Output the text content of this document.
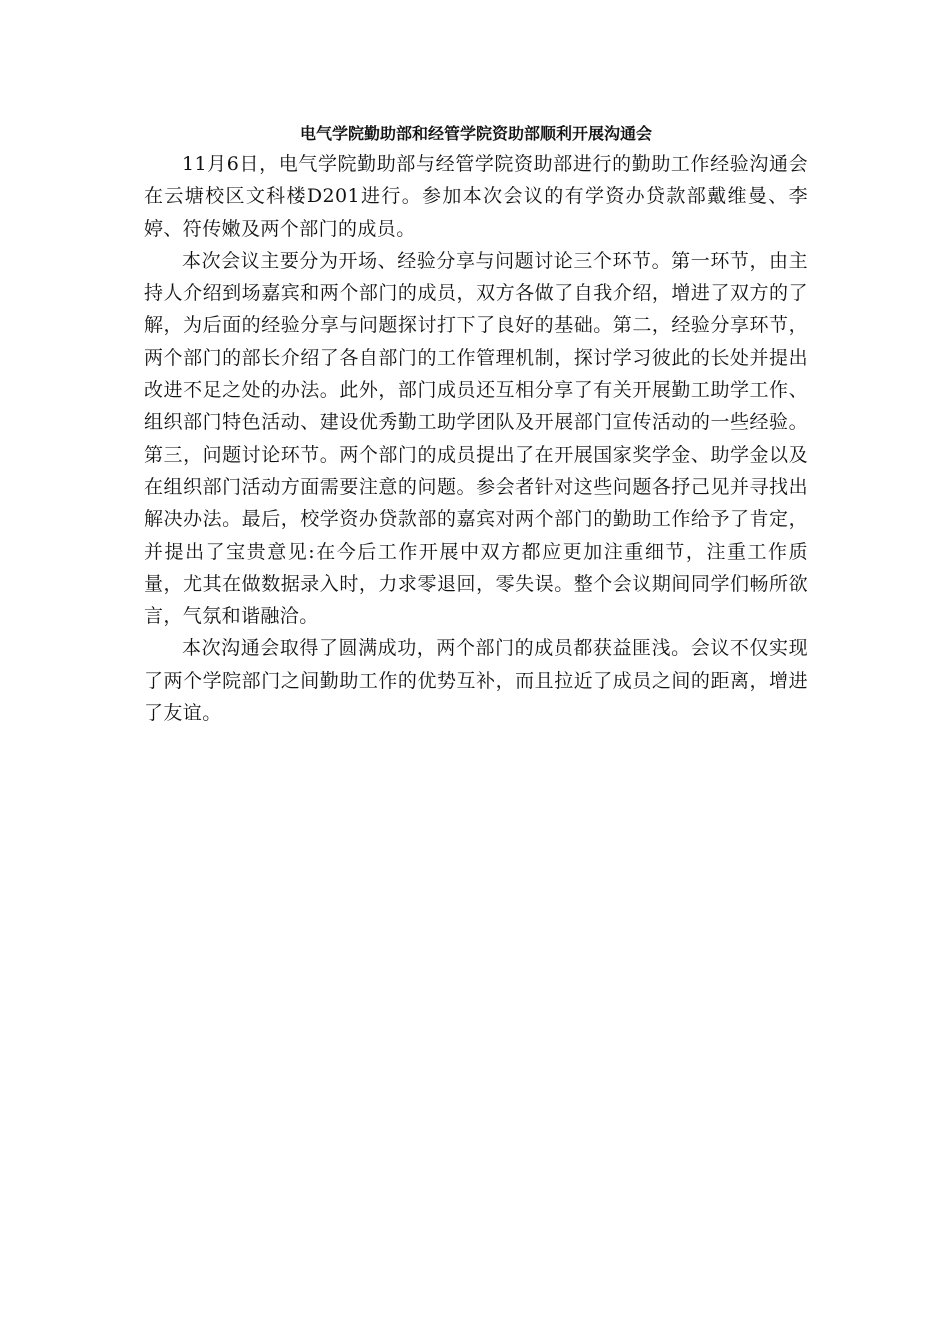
电气学院勤助部和经管学院资助部顺利开展沟通会

11月6日，电气学院勤助部与经管学院资助部进行的勤助工作经验沟通会在云塘校区文科楼D201进行。参加本次会议的有学资办贷款部戴维曼、李婷、符传嫩及两个部门的成员。

本次会议主要分为开场、经验分享与问题讨论三个环节。第一环节，由主持人介绍到场嘉宾和两个部门的成员，双方各做了自我介绍，增进了双方的了解，为后面的经验分享与问题探讨打下了良好的基础。第二，经验分享环节，两个部门的部长介绍了各自部门的工作管理机制，探讨学习彼此的长处并提出改进不足之处的办法。此外，部门成员还互相分享了有关开展勤工助学工作、组织部门特色活动、建设优秀勤工助学团队及开展部门宣传活动的一些经验。第三，问题讨论环节。两个部门的成员提出了在开展国家奖学金、助学金以及在组织部门活动方面需要注意的问题。参会者针对这些问题各抒己见并寻找出解决办法。最后，校学资办贷款部的嘉宾对两个部门的勤助工作给予了肯定，并提出了宝贵意见:在今后工作开展中双方都应更加注重细节，注重工作质量，尤其在做数据录入时，力求零退回，零失误。整个会议期间同学们畅所欲言，气氛和谐融洽。

本次沟通会取得了圆满成功，两个部门的成员都获益匪浅。会议不仅实现了两个学院部门之间勤助工作的优势互补，而且拉近了成员之间的距离，增进了友谊。
